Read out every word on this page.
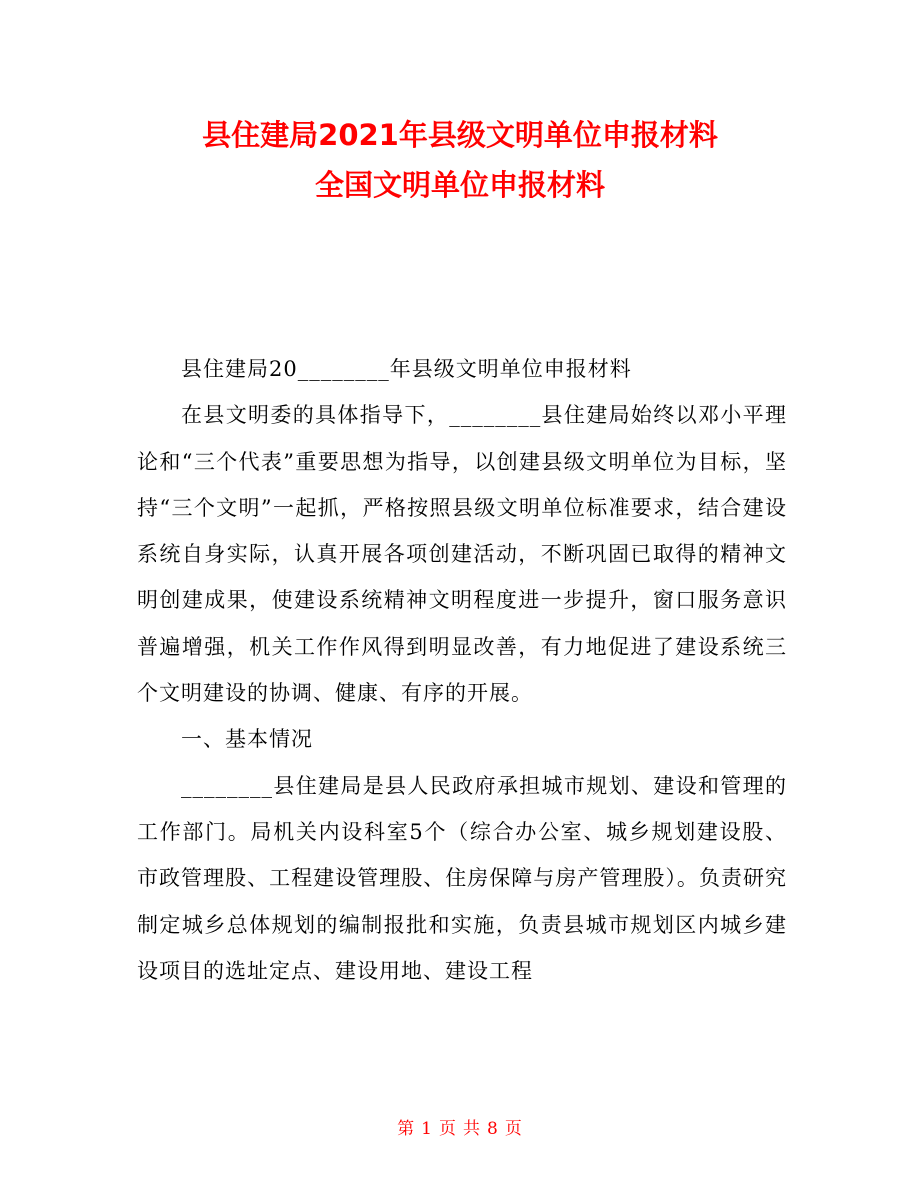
县住建局2021年县级文明单位申报材料

全国文明单位申报材料

县住建局20________年县级文明单位申报材料

在县文明委的具体指导下，________县住建局始终以邓小平理论和“三个代表”重要思想为指导，以创建县级文明单位为目标，坚持“三个文明”一起抓，严格按照县级文明单位标准要求，结合建设系统自身实际，认真开展各项创建活动，不断巩固已取得的精神文明创建成果，使建设系统精神文明程度进一步提升，窗口服务意识普遍增强，机关工作作风得到明显改善，有力地促进了建设系统三个文明建设的协调、健康、有序的开展。

一、基本情况

________县住建局是县人民政府承担城市规划、建设和管理的工作部门。局机关内设科室5个（综合办公室、城乡规划建设股、市政管理股、工程建设管理股、住房保障与房产管理股）。负责研究制定城乡总体规划的编制报批和实施，负责县城市规划区内城乡建设项目的选址定点、建设用地、建设工程

第 1 页 共 8 页
